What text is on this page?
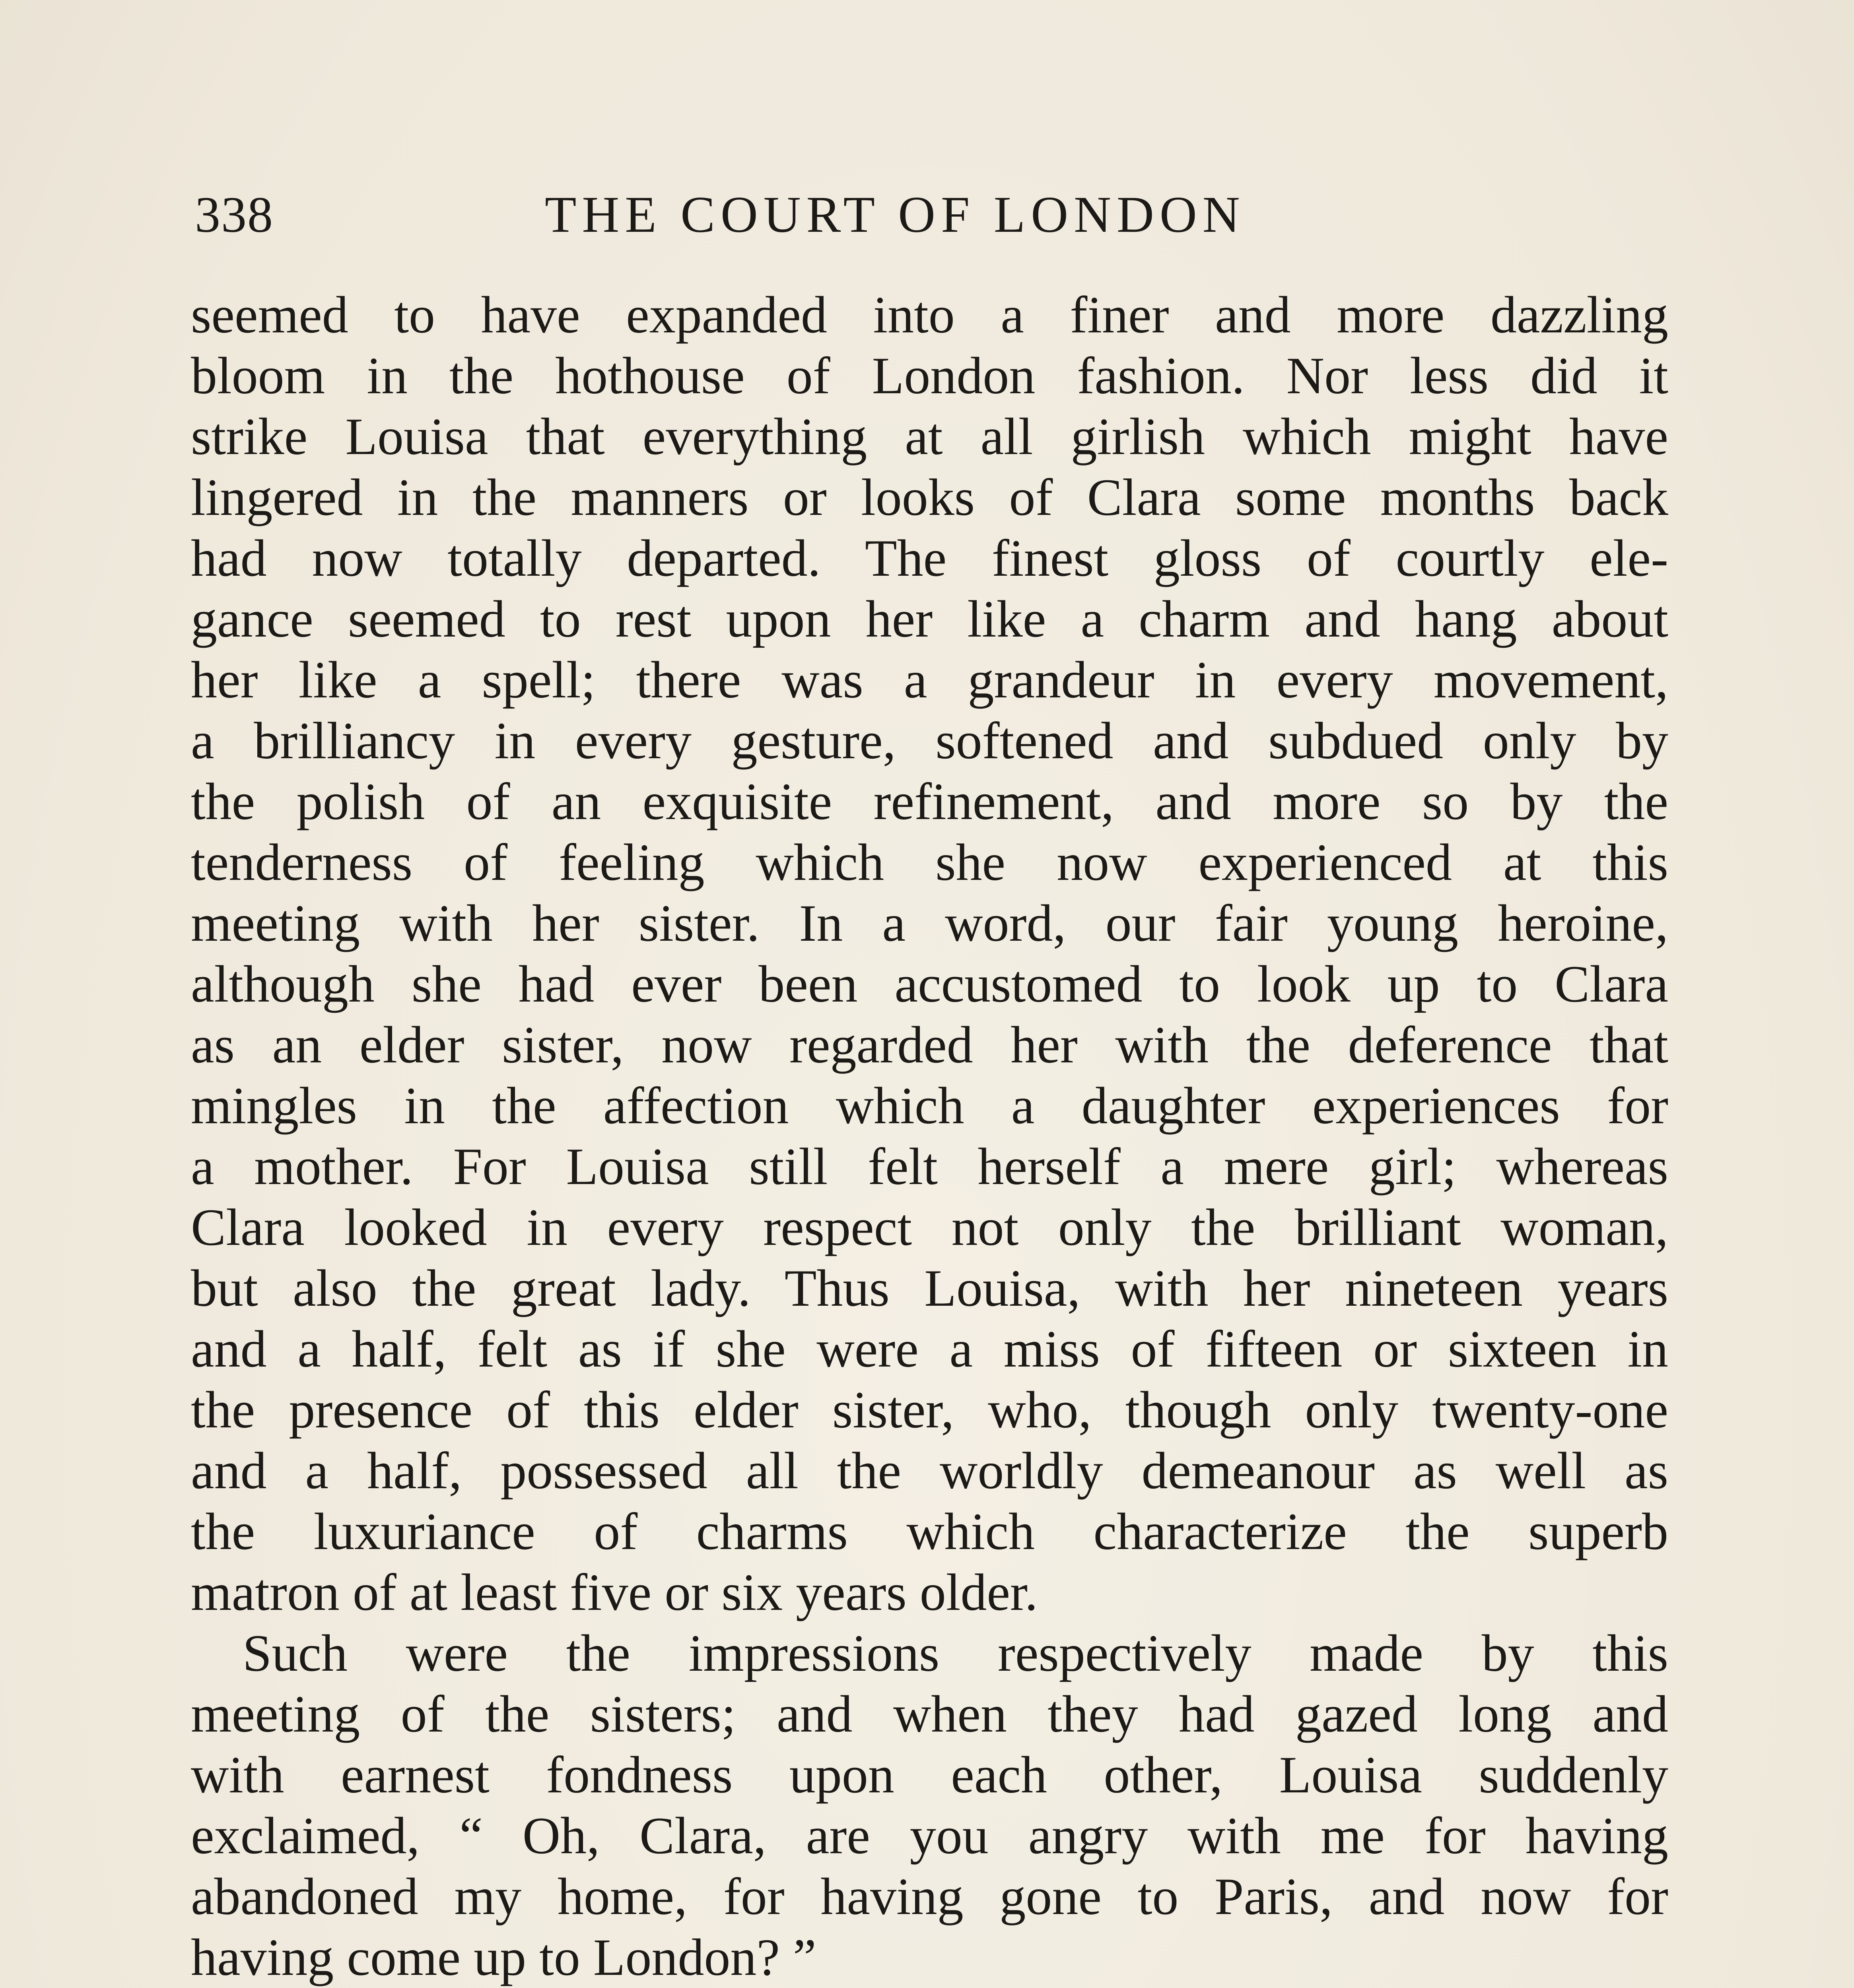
338	THE COURT OF LONDON
seemed to have expanded into a finer and more dazzling
bloom in the hothouse of London fashion. Nor less did it
strike Louisa that everything at all girlish which might have
lingered in the manners or looks of Clara some months back
had now totally departed. The finest gloss of courtly ele-
gance seemed to rest upon her like a charm and hang about
her like a spell; there was a grandeur in every movement,
a brilliancy in every gesture, softened and subdued only by
the polish of an exquisite refinement, and more so by the
tenderness of feeling which she now experienced at this
meeting with her sister. In a word, our fair young heroine,
although she had ever been accustomed to look up to Clara
as an elder sister, now regarded her with the deference that
mingles in the affection which a daughter experiences for
a mother. For Louisa still felt herself a mere girl; whereas
Clara looked in every respect not only the brilliant woman,
but also the great lady. Thus Louisa, with her nineteen years
and a half, felt as if she were a miss of fifteen or sixteen in
the presence of this elder sister, who, though only twenty-one
and a half, possessed all the worldly demeanour as well as
the luxuriance of charms which characterize the superb
matron of at least five or six years older.
Such were the impressions respectively made by this
meeting of the sisters; and when they had gazed long and
with earnest fondness upon each other, Louisa suddenly
exclaimed, “ Oh, Clara, are you angry with me for having
abandoned my home, for having gone to Paris, and now for
having come up to London? ”
